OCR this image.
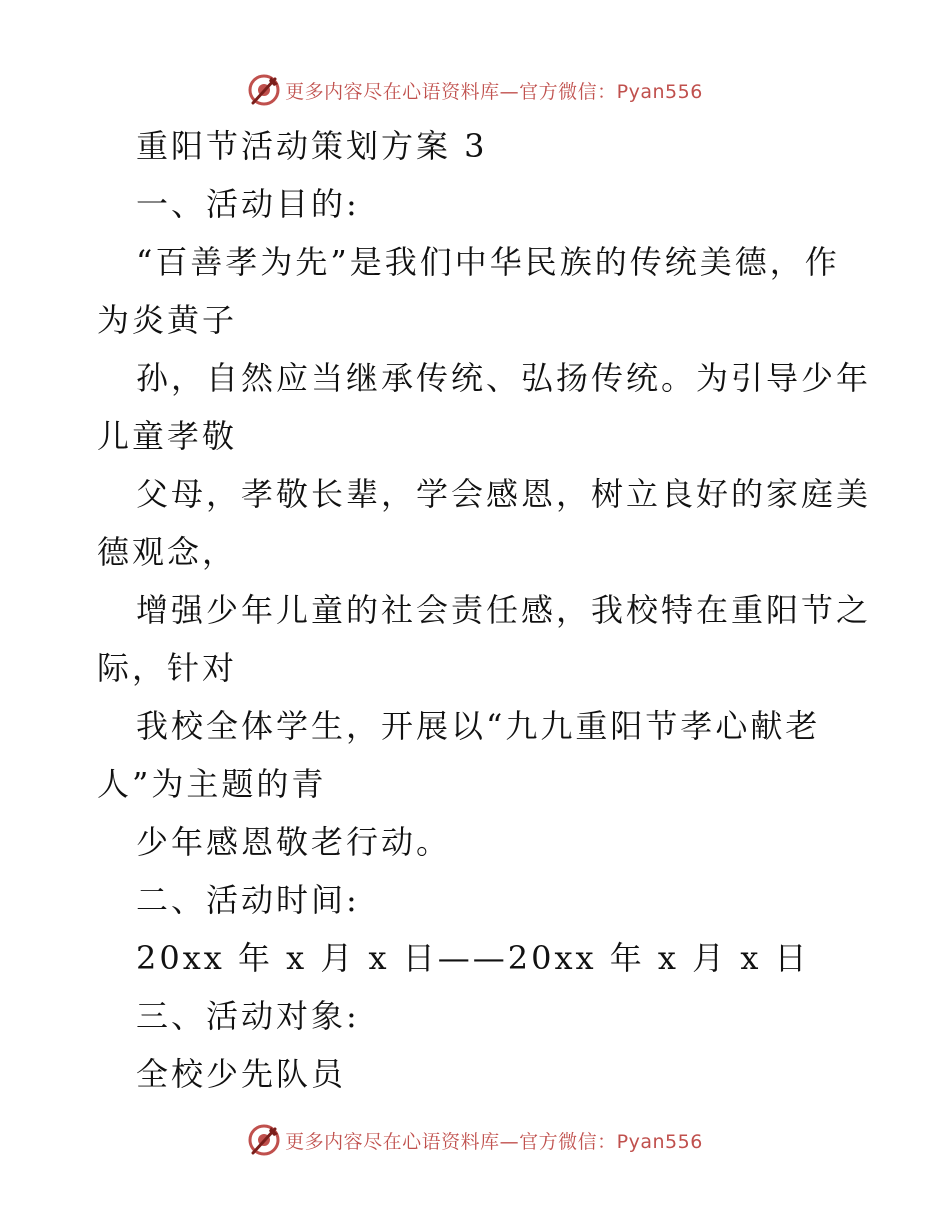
更多内容尽在心语资料库—官方微信：Pyan556
重阳节活动策划方案 3
一、活动目的:
“百善孝为先”是我们中华民族的传统美德，作
为炎黄子
孙，自然应当继承传统、弘扬传统。为引导少年
儿童孝敬
父母，孝敬长辈，学会感恩，树立良好的家庭美
德观念，
增强少年儿童的社会责任感，我校特在重阳节之
际，针对
我校全体学生，开展以“九九重阳节孝心献老
人”为主题的青
少年感恩敬老行动。
二、活动时间:
20xx 年 x 月 x 日——20xx 年 x 月 x 日
三、活动对象:
全校少先队员
更多内容尽在心语资料库—官方微信：Pyan556
